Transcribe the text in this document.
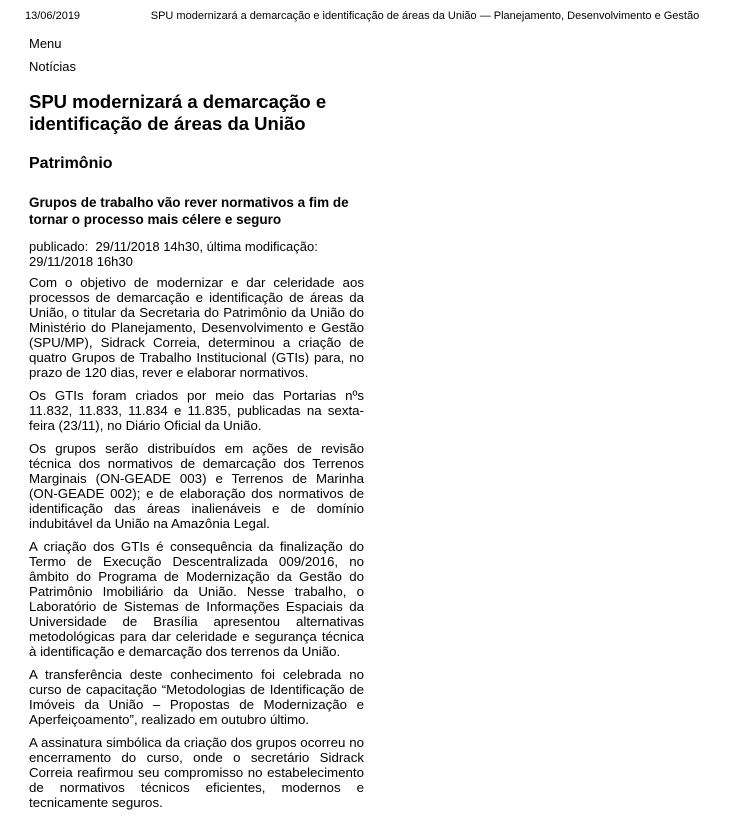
13/06/2019	SPU modernizará a demarcação e identificação de áreas da União — Planejamento, Desenvolvimento e Gestão
Menu
Notícias
SPU modernizará a demarcação e identificação de áreas da União
Patrimônio
Grupos de trabalho vão rever normativos a fim de tornar o processo mais célere e seguro
publicado:  29/11/2018 14h30, última modificação: 29/11/2018 16h30

Com o objetivo de modernizar e dar celeridade aos processos de demarcação e identificação de áreas da União, o titular da Secretaria do Patrimônio da União do Ministério do Planejamento, Desenvolvimento e Gestão (SPU/MP), Sidrack Correia, determinou a criação de quatro Grupos de Trabalho Institucional (GTIs) para, no prazo de 120 dias, rever e elaborar normativos.

Os GTIs foram criados por meio das Portarias nºs 11.832, 11.833, 11.834 e 11.835, publicadas na sexta-feira (23/11), no Diário Oficial da União.

Os grupos serão distribuídos em ações de revisão técnica dos normativos de demarcação dos Terrenos Marginais (ON-GEADE 003) e Terrenos de Marinha (ON-GEADE 002); e de elaboração dos normativos de identificação das áreas inalienáveis e de domínio indubitável da União na Amazônia Legal.

A criação dos GTIs é consequência da finalização do Termo de Execução Descentralizada 009/2016, no âmbito do Programa de Modernização da Gestão do Patrimônio Imobiliário da União. Nesse trabalho, o Laboratório de Sistemas de Informações Espaciais da Universidade de Brasília apresentou alternativas metodológicas para dar celeridade e segurança técnica à identificação e demarcação dos terrenos da União.

A transferência deste conhecimento foi celebrada no curso de capacitação “Metodologias de Identificação de Imóveis da União – Propostas de Modernização e Aperfeiçoamento”, realizado em outubro último.

A assinatura simbólica da criação dos grupos ocorreu no encerramento do curso, onde o secretário Sidrack Correia reafirmou seu compromisso no estabelecimento de normativos técnicos eficientes, modernos e tecnicamente seguros.
